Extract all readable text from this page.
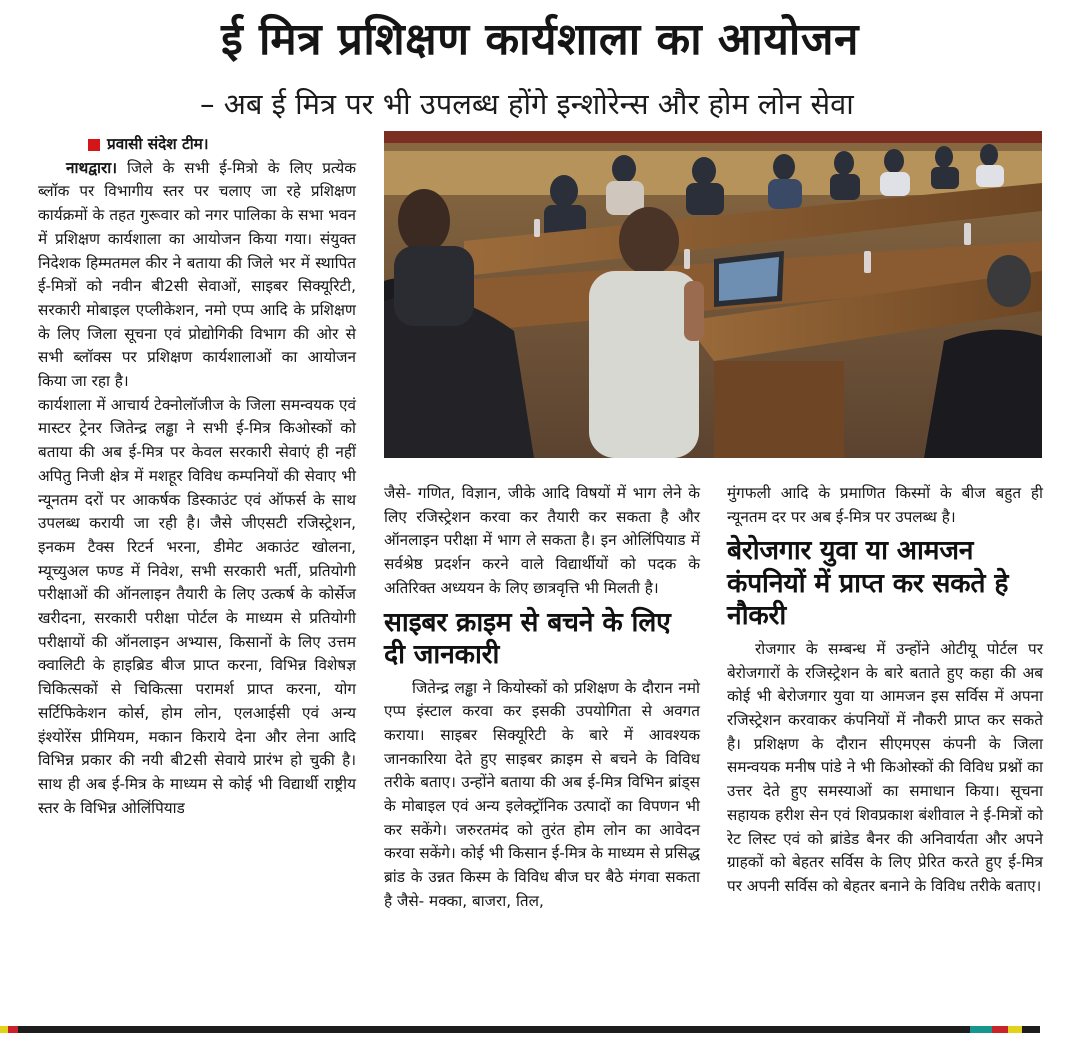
ई मित्र प्रशिक्षण कार्यशाला का आयोजन
– अब ई मित्र पर भी उपलब्ध होंगे इन्शोरेन्स और होम लोन सेवा
प्रवासी संदेश टीम।

नाथद्वारा। जिले के सभी ई-मित्रो के लिए प्रत्येक ब्लॉक पर विभागीय स्तर पर चलाए जा रहे प्रशिक्षण कार्यक्रमों के तहत गुरूवार को नगर पालिका के सभा भवन में प्रशिक्षण कार्यशाला का आयोजन किया गया। संयुक्त निदेशक हिम्मतमल कीर ने बताया की जिले भर में स्थापित ई-मित्रों को नवीन बी2सी सेवाओं, साइबर सिक्यूरिटी, सरकारी मोबाइल एप्लीकेशन, नमो एप्प आदि के प्रशिक्षण के लिए जिला सूचना एवं प्रोद्योगिकी विभाग की ओर से सभी ब्लॉक्स पर प्रशिक्षण कार्यशालाओं का आयोजन किया जा रहा है।

कार्यशाला में आचार्य टेक्नोलॉजीज के जिला समन्वयक एवं मास्टर ट्रेनर जितेन्द्र लड्ढा ने सभी ई-मित्र किओस्कों को बताया की अब ई-मित्र पर केवल सरकारी सेवाएं ही नहीं अपितु निजी क्षेत्र में मशहूर विविध कम्पनियों की सेवाए भी न्यूनतम दरों पर आकर्षक डिस्काउंट एवं ऑफर्स के साथ उपलब्ध करायी जा रही है। जैसे जीएसटी रजिस्ट्रेशन, इनकम टैक्स रिटर्न भरना, डीमेट अकाउंट खोलना, म्यूच्युअल फण्ड में निवेश, सभी सरकारी भर्ती, प्रतियोगी परीक्षाओं की ऑनलाइन तैयारी के लिए उत्कर्ष के कोर्सेज खरीदना, सरकारी परीक्षा पोर्टल के माध्यम से प्रतियोगी परीक्षायों की ऑनलाइन अभ्यास, किसानों के लिए उत्तम क्वालिटी के हाइब्रिड बीज प्राप्त करना, विभिन्न विशेषज्ञ चिकित्सकों से चिकित्सा परामर्श प्राप्त करना, योग सर्टिफिकेशन कोर्स, होम लोन, एलआईसी एवं अन्य इंश्योरेंस प्रीमियम, मकान किराये देना और लेना आदि विभिन्न प्रकार की नयी बी2सी सेवाये प्रारंभ हो चुकी है। साथ ही अब ई-मित्र के माध्यम से कोई भी विद्यार्थी राष्ट्रीय स्तर के विभिन्न ओलिंपियाड

जैसे- गणित, विज्ञान, जीके आदि विषयों में भाग लेने के लिए रजिस्ट्रेशन करवा कर तैयारी कर सकता है और ऑनलाइन परीक्षा में भाग ले सकता है। इन ओलिंपियाड में सर्वश्रेष्ठ प्रदर्शन करने वाले विद्यार्थीयों को पदक के अतिरिक्त अध्ययन के लिए छात्रवृत्ति भी मिलती है।

साइबर क्राइम से बचने के लिए दी जानकारी

जितेन्द्र लड्ढा ने कियोस्कों को प्रशिक्षण के दौरान नमो एप्प इंस्टाल करवा कर इसकी उपयोगिता से अवगत कराया। साइबर सिक्यूरिटी के बारे में आवश्यक जानकारिया देते हुए साइबर क्राइम से बचने के विविध तरीके बताए। उन्होंने बताया की अब ई-मित्र विभिन ब्रांड्स के मोबाइल एवं अन्य इलेक्ट्रॉनिक उत्पादों का विपणन भी कर सकेंगे। जरुरतमंद को तुरंत होम लोन का आवेदन करवा सकेंगे। कोई भी किसान ई-मित्र के माध्यम से प्रसिद्ध ब्रांड के उन्नत किस्म के विविध बीज घर बैठे मंगवा सकता है जैसे- मक्का, बाजरा, तिल,

मुंगफली आदि के प्रमाणित किस्मों के बीज बहुत ही न्यूनतम दर पर अब ई-मित्र पर उपलब्ध है।

बेरोजगार युवा या आमजन कंपनियों में प्राप्त कर सकते हे नौकरी

रोजगार के सम्बन्ध में उन्होंने ओटीयू पोर्टल पर बेरोजगारों के रजिस्ट्रेशन के बारे बताते हुए कहा की अब कोई भी बेरोजगार युवा या आमजन इस सर्विस में अपना रजिस्ट्रेशन करवाकर कंपनियों में नौकरी प्राप्त कर सकते है। प्रशिक्षण के दौरान सीएमएस कंपनी के जिला समन्वयक मनीष पांडे ने भी किओस्कों की विविध प्रश्नों का उत्तर देते हुए समस्याओं का समाधान किया। सूचना सहायक हरीश सेन एवं शिवप्रकाश बंशीवाल ने ई-मित्रों को रेट लिस्ट एवं को ब्रांडेड बैनर की अनिवार्यता और अपने ग्राहकों को बेहतर सर्विस के लिए प्रेरित करते हुए ई-मित्र पर अपनी सर्विस को बेहतर बनाने के विविध तरीके बताए।
